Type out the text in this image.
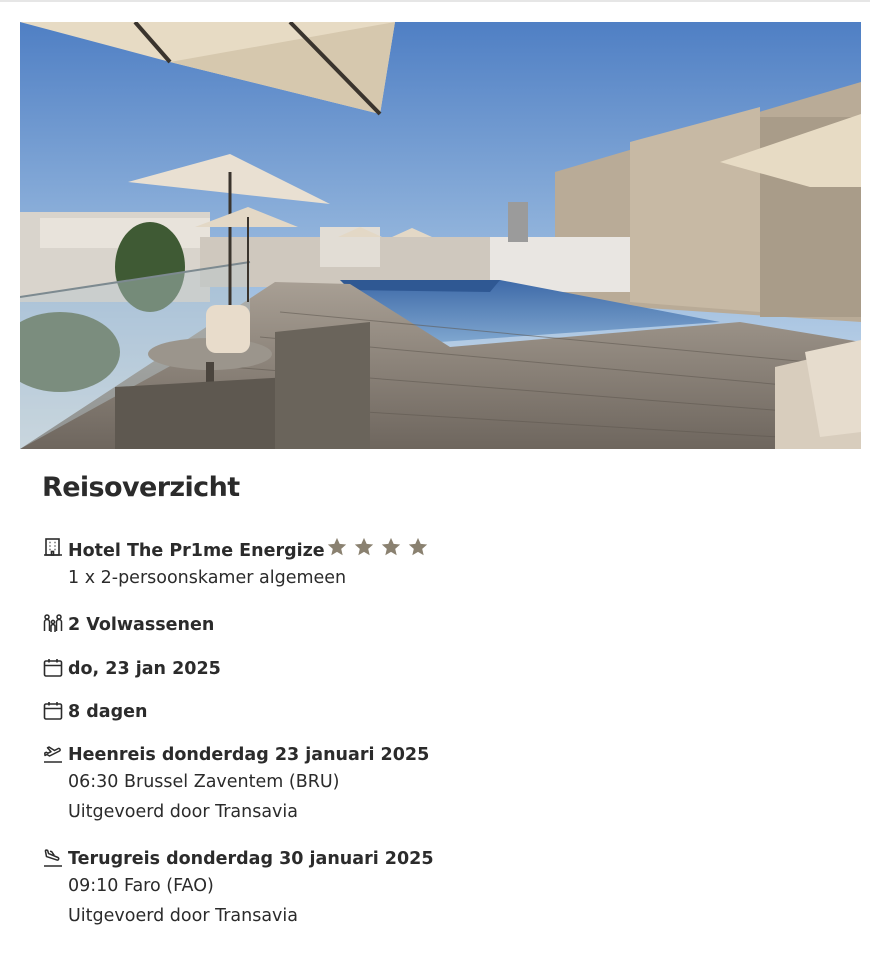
Reisoverzicht
Hotel The Pr1me Energize
1 x 2-persoonskamer algemeen
2 Volwassenen
do, 23 jan 2025
8 dagen
Heenreis donderdag 23 januari 2025
06:30 Brussel Zaventem (BRU)
Uitgevoerd door Transavia
Terugreis donderdag 30 januari 2025
09:10 Faro (FAO)
Uitgevoerd door Transavia
